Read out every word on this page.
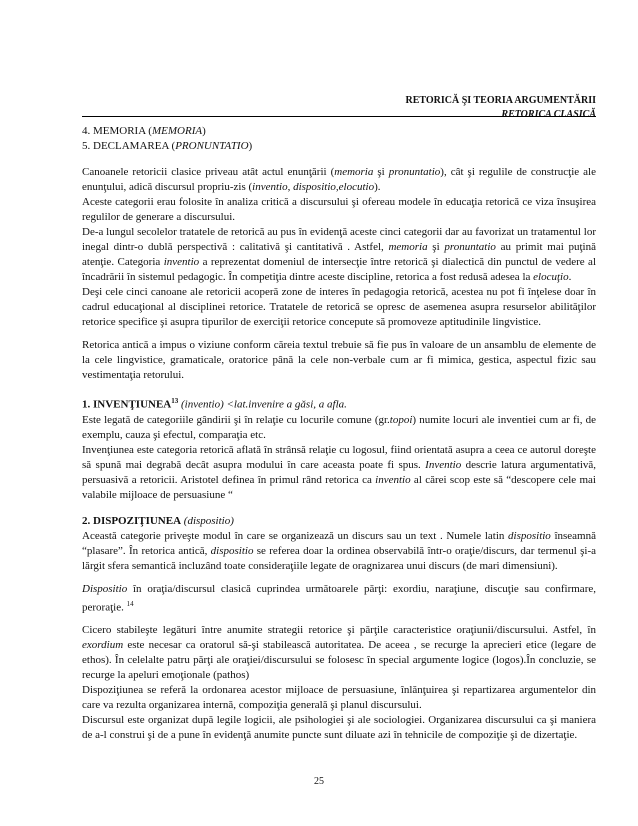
RETORICĂ ŞI TEORIA ARGUMENTĂRII
RETORICA CLASICĂ

4. MEMORIA (MEMORIA)

5. DECLAMAREA (PRONUNTATIO)

Canoanele retoricii clasice priveau atât actul enunţării (memoria şi pronuntatio), cât şi regulile de construcţie ale enunţului, adică discursul propriu-zis (inventio, dispositio,elocutio).

Aceste categorii erau folosite în analiza critică a discursului şi ofereau modele în educaţia retorică ce viza însuşirea regulilor de generare a discursului.

De-a lungul secolelor tratatele de retorică au pus în evidenţă aceste cinci categorii dar au favorizat un tratamentul lor inegal dintr-o dublă perspectivă : calitativă şi cantitativă . Astfel, memoria şi pronuntatio au primit mai puţină atenţie. Categoria inventio a reprezentat domeniul de intersecţie între retorică şi dialectică din punctul de vedere al încadrării în sistemul pedagogic. În competiţia dintre aceste discipline, retorica a fost redusă adesea la elocuţio.

Deşi cele cinci canoane ale retoricii acoperă zone de interes în pedagogia retorică, acestea nu pot fi înţelese doar în cadrul educaţional al disciplinei retorice. Tratatele de retorică se opresc de asemenea asupra resurselor abilităţilor retorice specifice şi asupra tipurilor de exerciţii retorice concepute să promoveze aptitudinile lingvistice.

Retorica antică a impus o viziune conform căreia textul trebuie să fie pus în valoare de un ansamblu de elemente de la cele lingvistice, gramaticale, oratorice până la cele non-verbale cum ar fi mimica, gestica, aspectul fizic sau vestimentaţia retorului.

1. INVENŢIUNEA$^{13}$ (inventio) <lat.invenire a găsi, a afla.

Este legată de categoriile gândirii şi în relaţie cu locurile comune (gr.topoi) numite locuri ale inventiei cum ar fi, de exemplu, cauza şi efectul, comparaţia etc.

Invenţiunea este categoria retorică aflată în strânsă relaţie cu logosul, fiind orientată asupra a ceea ce autorul doreşte să spună mai degrabă decât asupra modului în care aceasta poate fi spus. Inventio descrie latura argumentativă, persuasivă a retoricii. Aristotel definea în primul rând retorica ca inventio al cărei scop este să “descopere cele mai valabile mijloace de persuasiune “

2. DISPOZIŢIUNEA (dispositio)

Această categorie priveşte modul în care se organizează un discurs sau un text . Numele latin dispositio înseamnă “plasare”. În retorica antică, dispositio se referea doar la ordinea observabilă într-o oraţie/discurs, dar termenul şi-a lărgit sfera semantică incluzând toate consideraţiile legate de oragnizarea unui discurs (de mari dimensiuni).

Dispositio în oraţia/discursul clasică cuprindea următoarele părţi: exordiu, naraţiune, discuţie sau confirmare, peroraţie. $^{14}$

Cicero stabileşte legături între anumite strategii retorice şi părţile caracteristice oraţiunii/discursului. Astfel, în exordium este necesar ca oratorul să-şi stabilească autoritatea. De aceea , se recurge la aprecieri etice (legare de ethos). În celelalte patru părţi ale oraţiei/discursului se folosesc în special argumente logice (logos).În concluzie, se recurge la apeluri emoţionale (pathos)

Dispoziţiunea se referă la ordonarea acestor mijloace de persuasiune, înlănţuirea şi repartizarea argumentelor din care va rezulta organizarea internă, compoziţia generală şi planul discursului.

Discursul este organizat după legile logicii, ale psihologiei şi ale sociologiei. Organizarea discursului ca şi maniera de a-l construi şi de a pune în evidenţă anumite puncte sunt diluate azi în tehnicile de compoziţie şi de dizertaţie.

25
